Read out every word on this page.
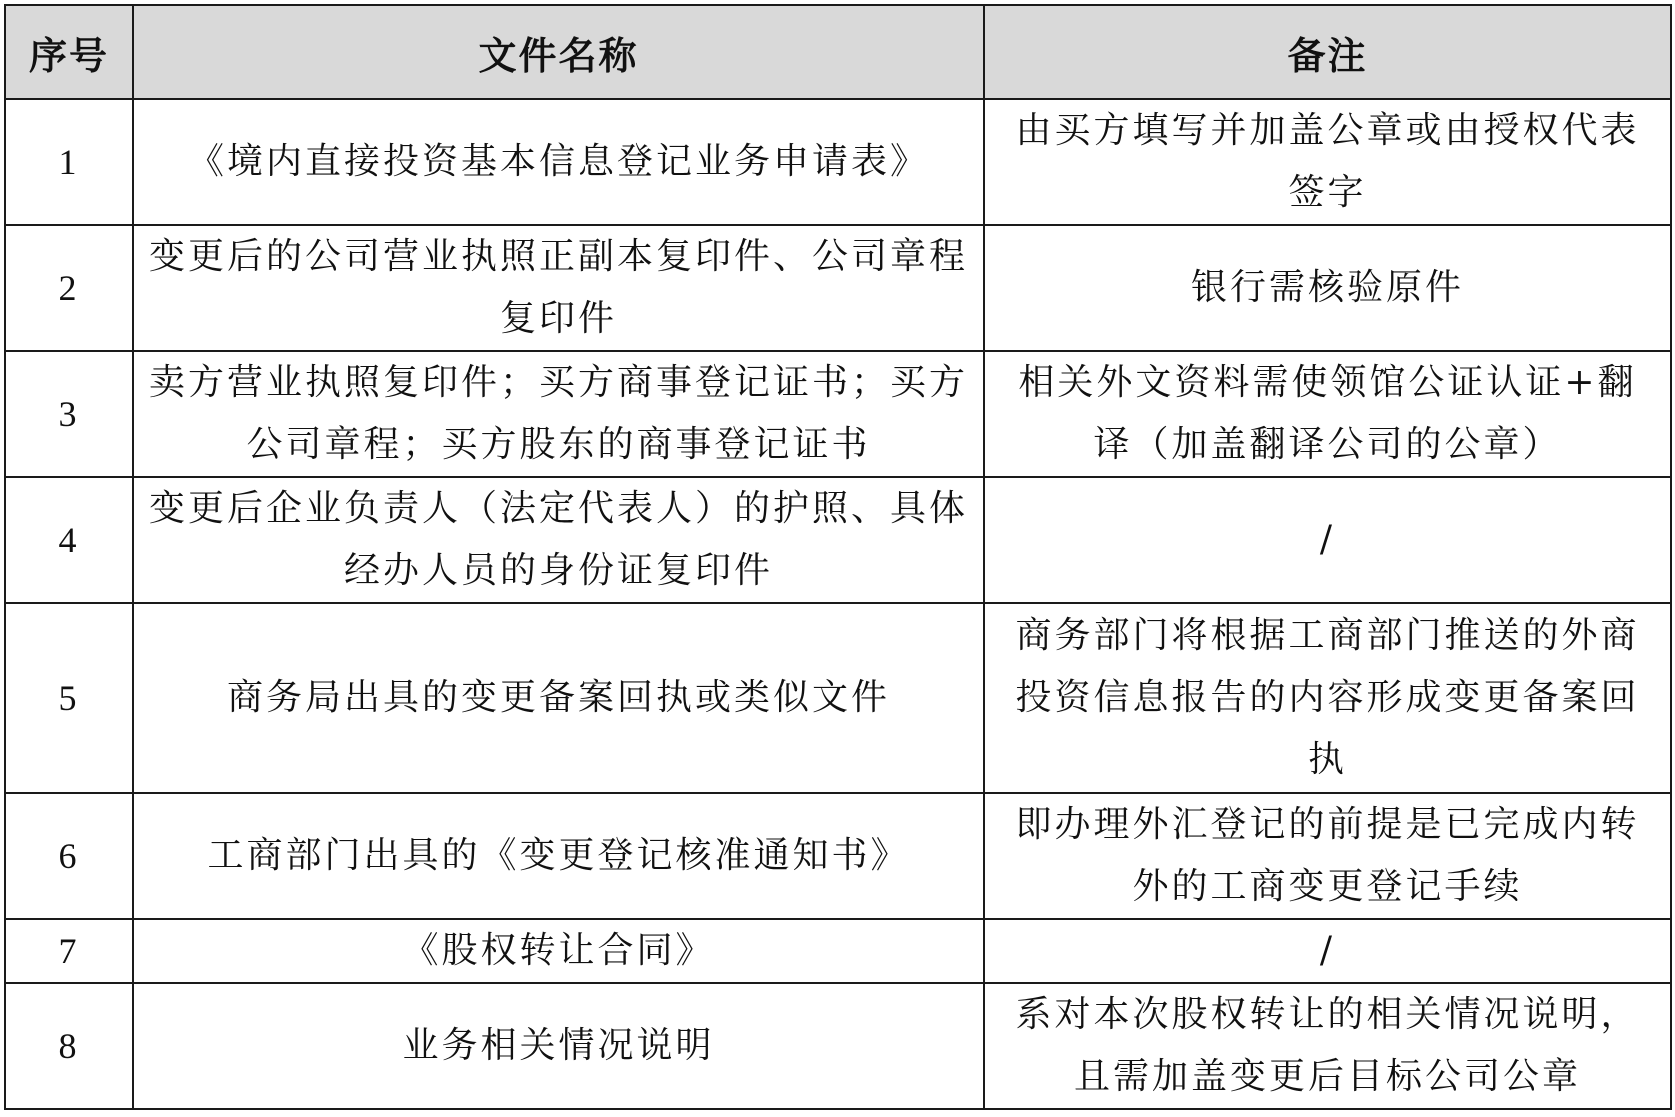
序号	文件名称	备注
1	《境内直接投资基本信息登记业务申请表》	由买方填写并加盖公章或由授权代表签字
2	变更后的公司营业执照正副本复印件、公司章程复印件	银行需核验原件
3	卖方营业执照复印件；买方商事登记证书；买方公司章程；买方股东的商事登记证书	相关外文资料需使领馆公证认证+翻译（加盖翻译公司的公章）
4	变更后企业负责人（法定代表人）的护照、具体经办人员的身份证复印件	/
5	商务局出具的变更备案回执或类似文件	商务部门将根据工商部门推送的外商投资信息报告的内容形成变更备案回执
6	工商部门出具的《变更登记核准通知书》	即办理外汇登记的前提是已完成内转外的工商变更登记手续
7	《股权转让合同》	/
8	业务相关情况说明	系对本次股权转让的相关情况说明，且需加盖变更后目标公司公章
